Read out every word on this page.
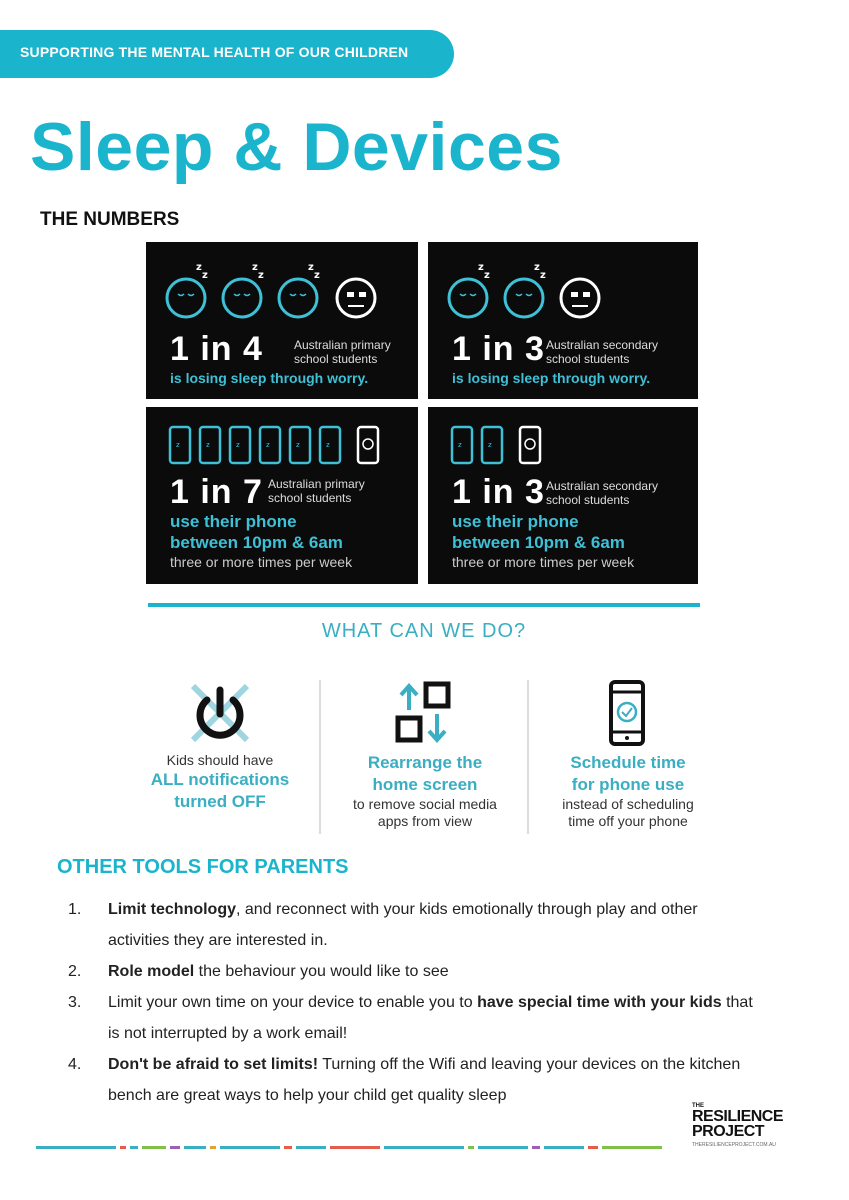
SUPPORTING THE MENTAL HEALTH OF OUR CHILDREN
Sleep & Devices
THE NUMBERS
z
z
z
z
z
z
1 in 4	Australian primary
school students
is losing sleep through worry.
z
z
z
z
1 in 3 Australian secondary
school students
is losing sleep through worry.
z	z	z	z	z	z
1 in 7 Australian primary
school students
use their phone
between 10pm & 6am
three or more times per week
z	z
1 in 3 Australian secondary
school students
use their phone
between 10pm & 6am
three or more times per week
WHAT CAN WE DO?
Kids should have
ALL notifications
turned OFF
Rearrange the
home screen
to remove social media
apps from view
Schedule time
for phone use
instead of scheduling
time off your phone
OTHER TOOLS FOR PARENTS
1. Limit technology, and reconnect with your kids emotionally through play and other
activities they are interested in.
2. Role model the behaviour you would like to see
3. Limit your own time on your device to enable you to have special time with your kids that
is not interrupted by a work email!
4. Don't be afraid to set limits! Turning off the Wifi and leaving your devices on the kitchen
bench are great ways to help your child get quality sleep
THE
RESILIENCE
PROJECT
THERESILIENCEPROJECT.COM.AU
